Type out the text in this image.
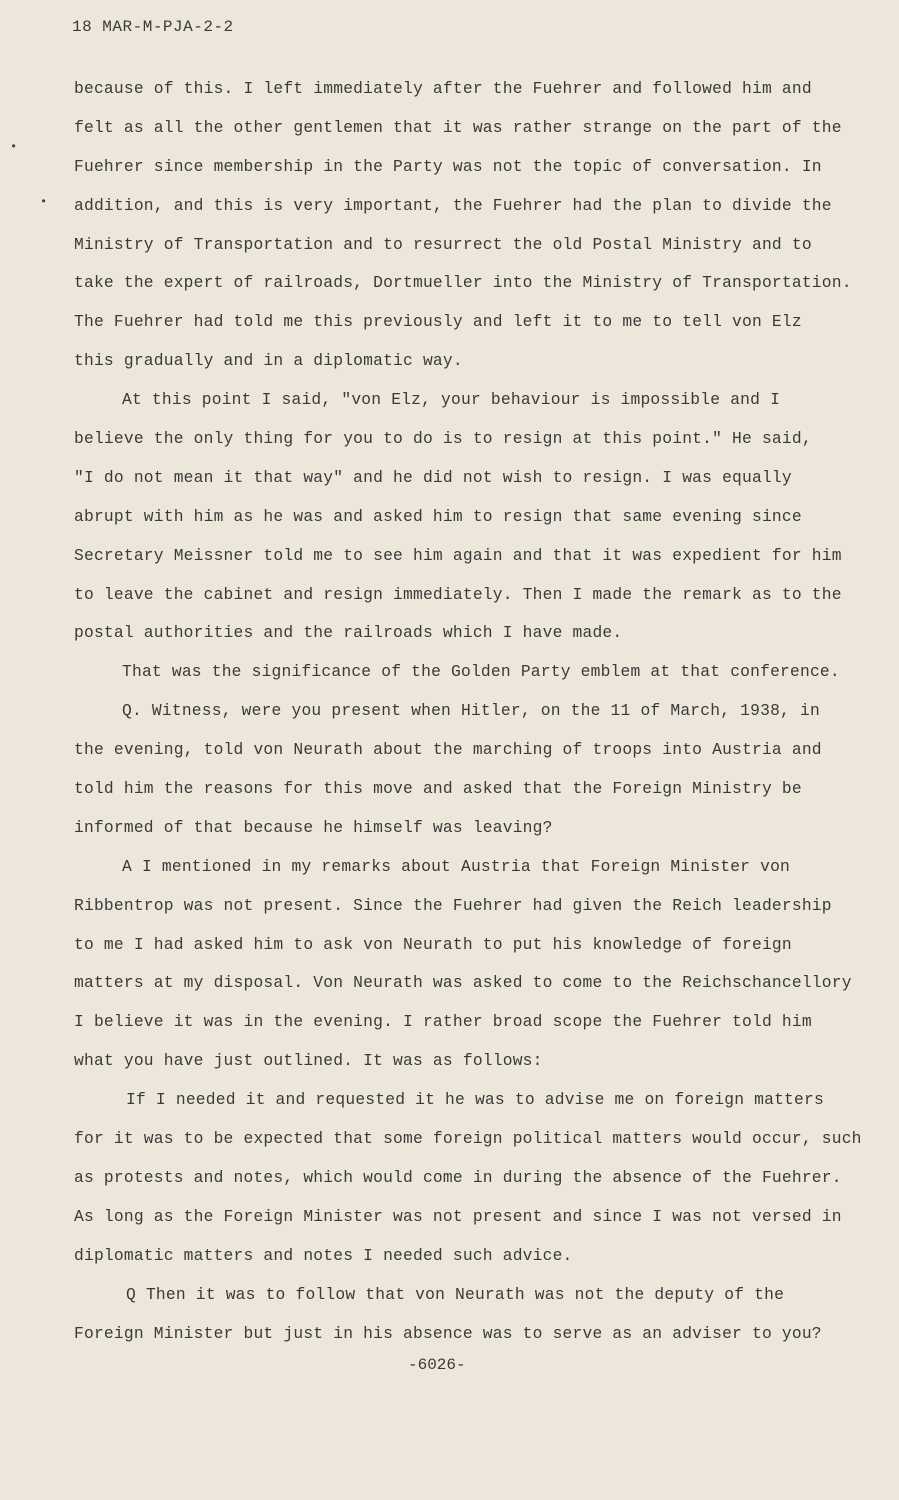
18 MAR-M-PJA-2-2
•
•
because of this. I left immediately after the Fuehrer and followed him and
felt as all the other gentlemen that it was rather strange on the part of the
Fuehrer since membership in the Party was not the topic of conversation. In
addition, and this is very important, the Fuehrer had the plan to divide the
Ministry of Transportation and to resurrect the old Postal Ministry and to
take the expert of railroads, Dortmueller into the Ministry of Transportation.
The Fuehrer had told me this previously and left it to me to tell von Elz
this gradually and in a diplomatic way.
At this point I said, "von Elz, your behaviour is impossible and I
believe the only thing for you to do is to resign at this point." He said,
"I do not mean it that way" and he did not wish to resign. I was equally
abrupt with him as he was and asked him to resign that same evening since
Secretary Meissner told me to see him again and that it was expedient for him
to leave the cabinet and resign immediately. Then I made the remark as to the
postal authorities and the railroads which I have made.
That was the significance of the Golden Party emblem at that conference.
Q. Witness, were you present when Hitler, on the 11 of March, 1938, in
the evening, told von Neurath about the marching of troops into Austria and
told him the reasons for this move and asked that the Foreign Ministry be
informed of that because he himself was leaving?
A I mentioned in my remarks about Austria that Foreign Minister von
Ribbentrop was not present. Since the Fuehrer had given the Reich leadership
to me I had asked him to ask von Neurath to put his knowledge of foreign
matters at my disposal. Von Neurath was asked to come to the Reichschancellory
I believe it was in the evening. I rather broad scope the Fuehrer told him
what you have just outlined. It was as follows:
If I needed it and requested it he was to advise me on foreign matters
for it was to be expected that some foreign political matters would occur, such
as protests and notes, which would come in during the absence of the Fuehrer.
As long as the Foreign Minister was not present and since I was not versed in
diplomatic matters and notes I needed such advice.
Q Then it was to follow that von Neurath was not the deputy of the
Foreign Minister but just in his absence was to serve as an adviser to you?
-6026-
